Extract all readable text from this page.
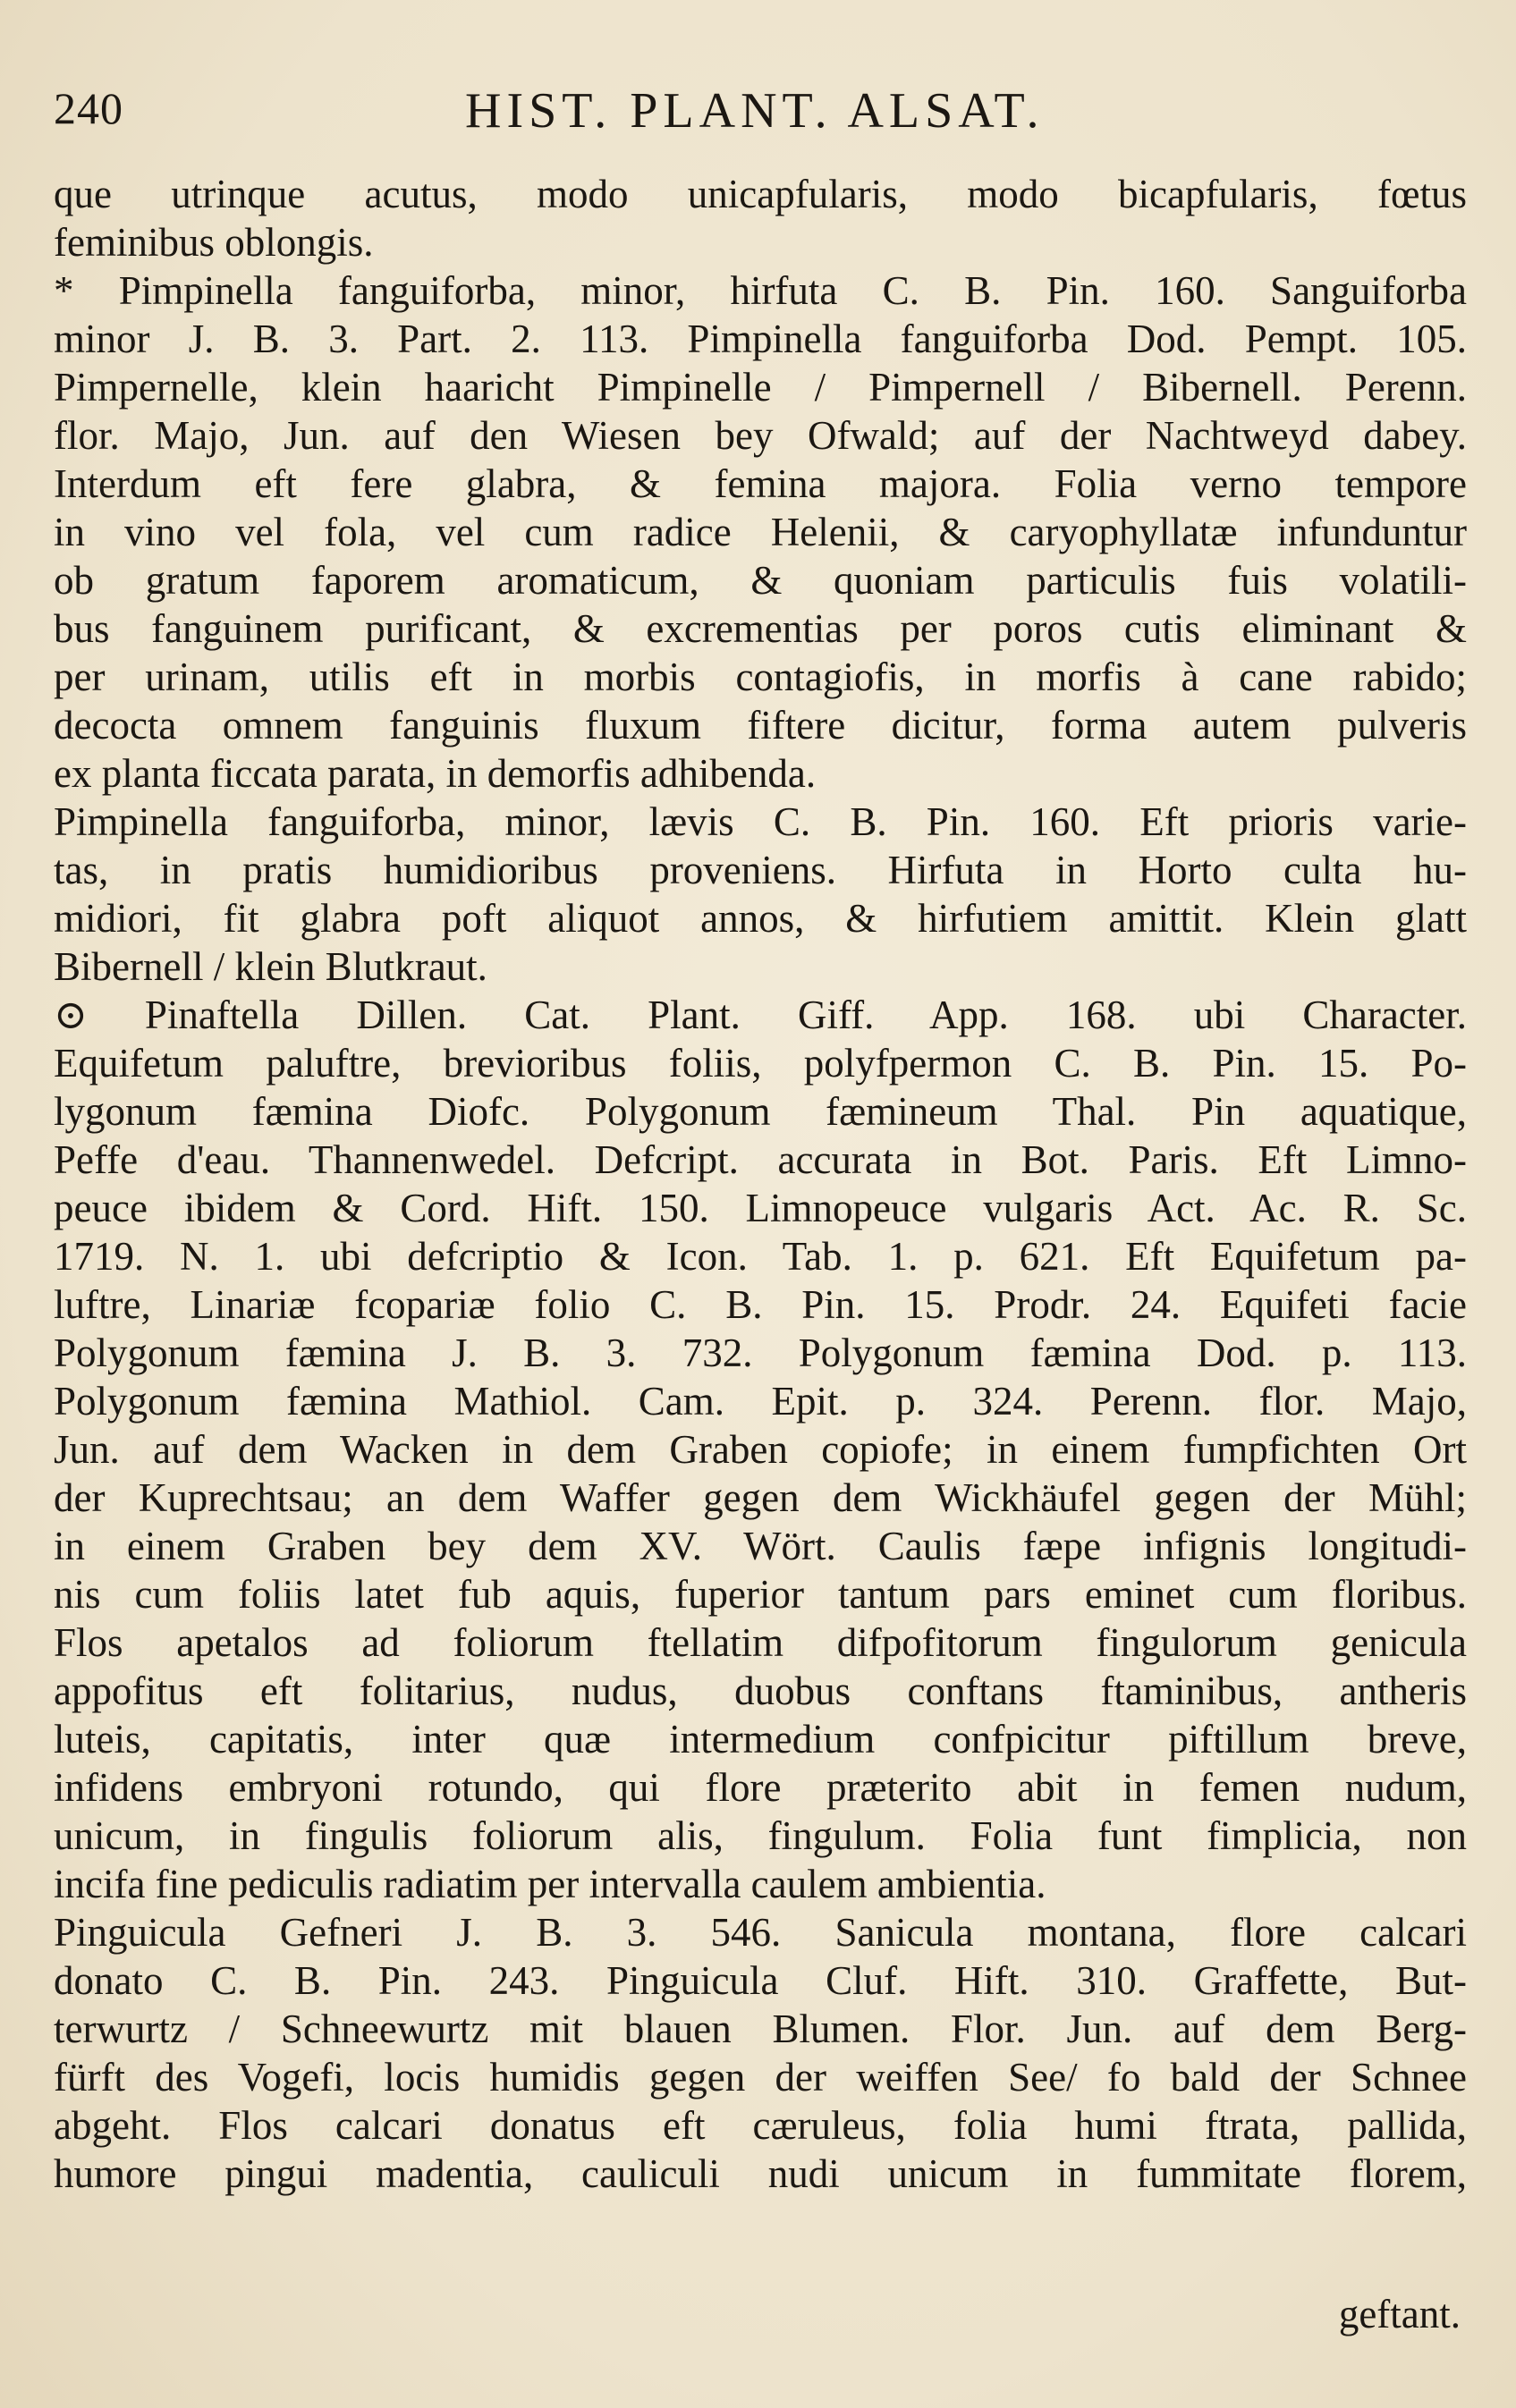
240	HIST. PLANT. ALSAT.
que utrinque acutus, modo unicapfularis, modo bicapfularis, fœtus
feminibus oblongis.
* Pimpinella fanguiforba, minor, hirfuta C. B. Pin. 160. Sanguiforba
minor J. B. 3. Part. 2. 113. Pimpinella fanguiforba Dod. Pempt. 105.
Pimpernelle, klein haaricht Pimpinelle / Pimpernell / Bibernell. Perenn.
flor. Majo, Jun. auf den Wiesen bey Ofwald; auf der Nachtweyd dabey.
Interdum eft fere glabra, & femina majora. Folia verno tempore
in vino vel fola, vel cum radice Helenii, & caryophyllatæ infunduntur
ob gratum faporem aromaticum, & quoniam particulis fuis volatili-
bus fanguinem purificant, & excrementias per poros cutis eliminant &
per urinam, utilis eft in morbis contagiofis, in morfis à cane rabido;
decocta omnem fanguinis fluxum fiftere dicitur, forma autem pulveris
ex planta ficcata parata, in demorfis adhibenda.
Pimpinella fanguiforba, minor, lævis C. B. Pin. 160. Eft prioris varie-
tas, in pratis humidioribus proveniens. Hirfuta in Horto culta hu-
midiori, fit glabra poft aliquot annos, & hirfutiem amittit. Klein glatt
Bibernell / klein Blutkraut.
⊙ Pinaftella Dillen. Cat. Plant. Giff. App. 168. ubi Character.
Equifetum paluftre, brevioribus foliis, polyfpermon C. B. Pin. 15. Po-
lygonum fæmina Diofc. Polygonum fæmineum Thal. Pin aquatique,
Peffe d'eau. Thannenwedel. Defcript. accurata in Bot. Paris. Eft Limno-
peuce ibidem & Cord. Hift. 150. Limnopeuce vulgaris Act. Ac. R. Sc.
1719. N. 1. ubi defcriptio & Icon. Tab. 1. p. 621. Eft Equifetum pa-
luftre, Linariæ fcopariæ folio C. B. Pin. 15. Prodr. 24. Equifeti facie
Polygonum fæmina J. B. 3. 732. Polygonum fæmina Dod. p. 113.
Polygonum fæmina Mathiol. Cam. Epit. p. 324. Perenn. flor. Majo,
Jun. auf dem Wacken in dem Graben copiofe; in einem fumpfichten Ort
der Kuprechtsau; an dem Waffer gegen dem Wickhäufel gegen der Mühl;
in einem Graben bey dem XV. Wört. Caulis fæpe infignis longitudi-
nis cum foliis latet fub aquis, fuperior tantum pars eminet cum floribus.
Flos apetalos ad foliorum ftellatim difpofitorum fingulorum genicula
appofitus eft folitarius, nudus, duobus conftans ftaminibus, antheris
luteis, capitatis, inter quæ intermedium confpicitur piftillum breve,
infidens embryoni rotundo, qui flore præterito abit in femen nudum,
unicum, in fingulis foliorum alis, fingulum. Folia funt fimplicia, non
incifa fine pediculis radiatim per intervalla caulem ambientia.
Pinguicula Gefneri J. B. 3. 546. Sanicula montana, flore calcari
donato C. B. Pin. 243. Pinguicula Cluf. Hift. 310. Graffette, But-
terwurtz / Schneewurtz mit blauen Blumen. Flor. Jun. auf dem Berg-
fürft des Vogefi, locis humidis gegen der weiffen See/ fo bald der Schnee
abgeht. Flos calcari donatus eft cæruleus, folia humi ftrata, pallida,
humore pingui madentia, cauliculi nudi unicum in fummitate florem,
geftant.
